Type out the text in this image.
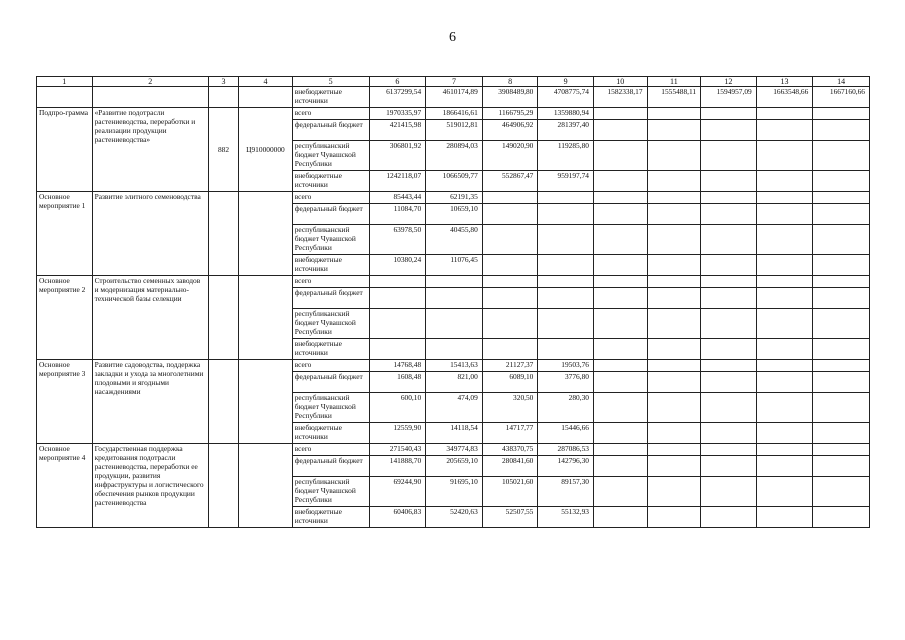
6
1	2	3	4	5	6	7	8	9	10	11	12	13	14
				внебюджетные источники	6137299,54	4610174,89	3908489,80	4708775,74	1582338,17	1555488,11	1594957,09	1663548,66	1667160,66
Подпро-грамма	«Развитие подотрасли растениеводства, переработки и реализации продукции растениеводства»	882	Ц910000000	всего	1970335,97	1866416,61	1166795,29	1359880,94					
				федеральный бюджет	421415,98	519012,81	464906,92	281397,40					
				республиканский бюджет Чувашской Республики	306801,92	280894,03	149020,90	119285,80					
				внебюджетные источники	1242118,07	1066509,77	552867,47	959197,74					
Основное мероприятие 1	Развитие элитного семеноводства			всего	85443,44	62191,35							
				федеральный бюджет	11084,70	10659,10							
				республиканский бюджет Чувашской Республики	63978,50	40455,80							
				внебюджетные источники	10380,24	11076,45							
Основное мероприятие 2	Строительство семенных заводов и модернизация материально-технической базы селекции			всего									
				федеральный бюджет									
				республиканский бюджет Чувашской Республики									
				внебюджетные источники									
Основное мероприятие 3	Развитие садоводства, поддержка закладки и ухода за многолетними плодовыми и ягодными насаждениями			всего	14768,48	15413,63	21127,37	19503,76					
				федеральный бюджет	1608,48	821,00	6089,10	3776,80					
				республиканский бюджет Чувашской Республики	600,10	474,09	320,50	280,30					
				внебюджетные источники	12559,90	14118,54	14717,77	15446,66					
Основное мероприятие 4	Государственная поддержка кредитования подотрасли растениеводства, переработки ее продукции, развития инфраструктуры и логистического обеспечения рынков продукции растениеводства			всего	271540,43	349774,83	438370,75	287086,53					
				федеральный бюджет	141888,70	205659,10	280841,60	142796,30					
				республиканский бюджет Чувашской Республики	69244,90	91695,10	105021,60	89157,30					
				внебюджетные источники	60406,83	52420,63	52507,55	55132,93					
